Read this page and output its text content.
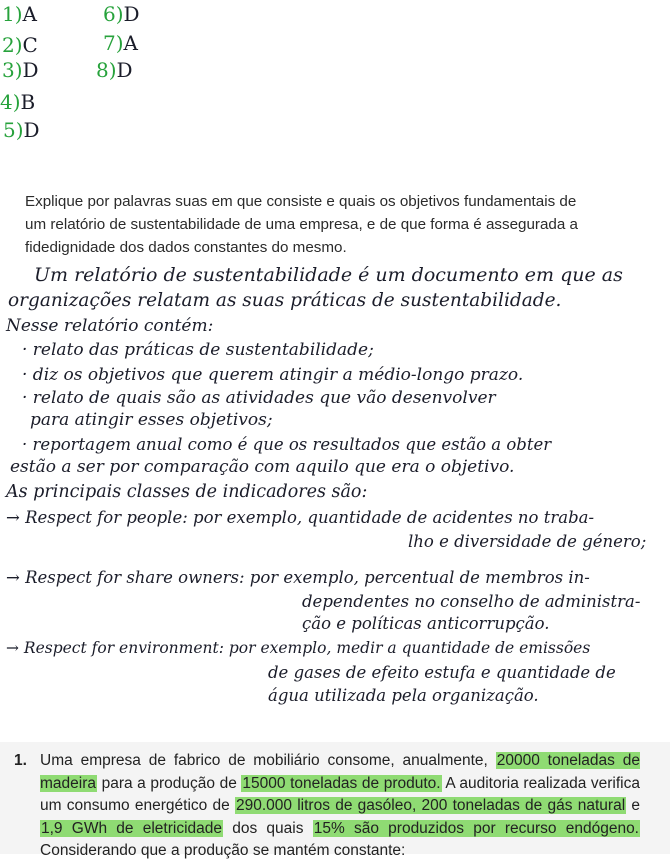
1)A
2)C
3)D
4)B
5)D
6)D
7)A
8)D

Explique por palavras suas em que consiste e quais os objetivos fundamentais de um relatório de sustentabilidade de uma empresa, e de que forma é assegurada a fidedignidade dos dados constantes do mesmo.

Um relatório de sustentabilidade é um documento em que as
organizações relatam as suas práticas de sustentabilidade.
Nesse relatório contém:
· relato das práticas de sustentabilidade;
· diz os objetivos que querem atingir a médio-longo prazo.
· relato de quais são as atividades que vão desenvolver
para atingir esses objetivos;
· reportagem anual como é que os resultados que estão a obter
estão a ser por comparação com aquilo que era o objetivo.
As principais classes de indicadores são:
→ Respect for people: por exemplo, quantidade de acidentes no traba-
lho e diversidade de género;
→ Respect for share owners: por exemplo, percentual de membros in-
dependentes no conselho de administra-
ção e políticas anticorrupção.
→ Respect for environment: por exemplo, medir a quantidade de emissões
de gases de efeito estufa e quantidade de
água utilizada pela organização.
1. Uma empresa de fabrico de mobiliário consome, anualmente, 20000 toneladas de madeira para a produção de 15000 toneladas de produto. A auditoria realizada verifica um consumo energético de 290.000 litros de gasóleo, 200 toneladas de gás natural e 1,9 GWh de eletricidade dos quais 15% são produzidos por recurso endógeno. Considerando que a produção se mantém constante:
